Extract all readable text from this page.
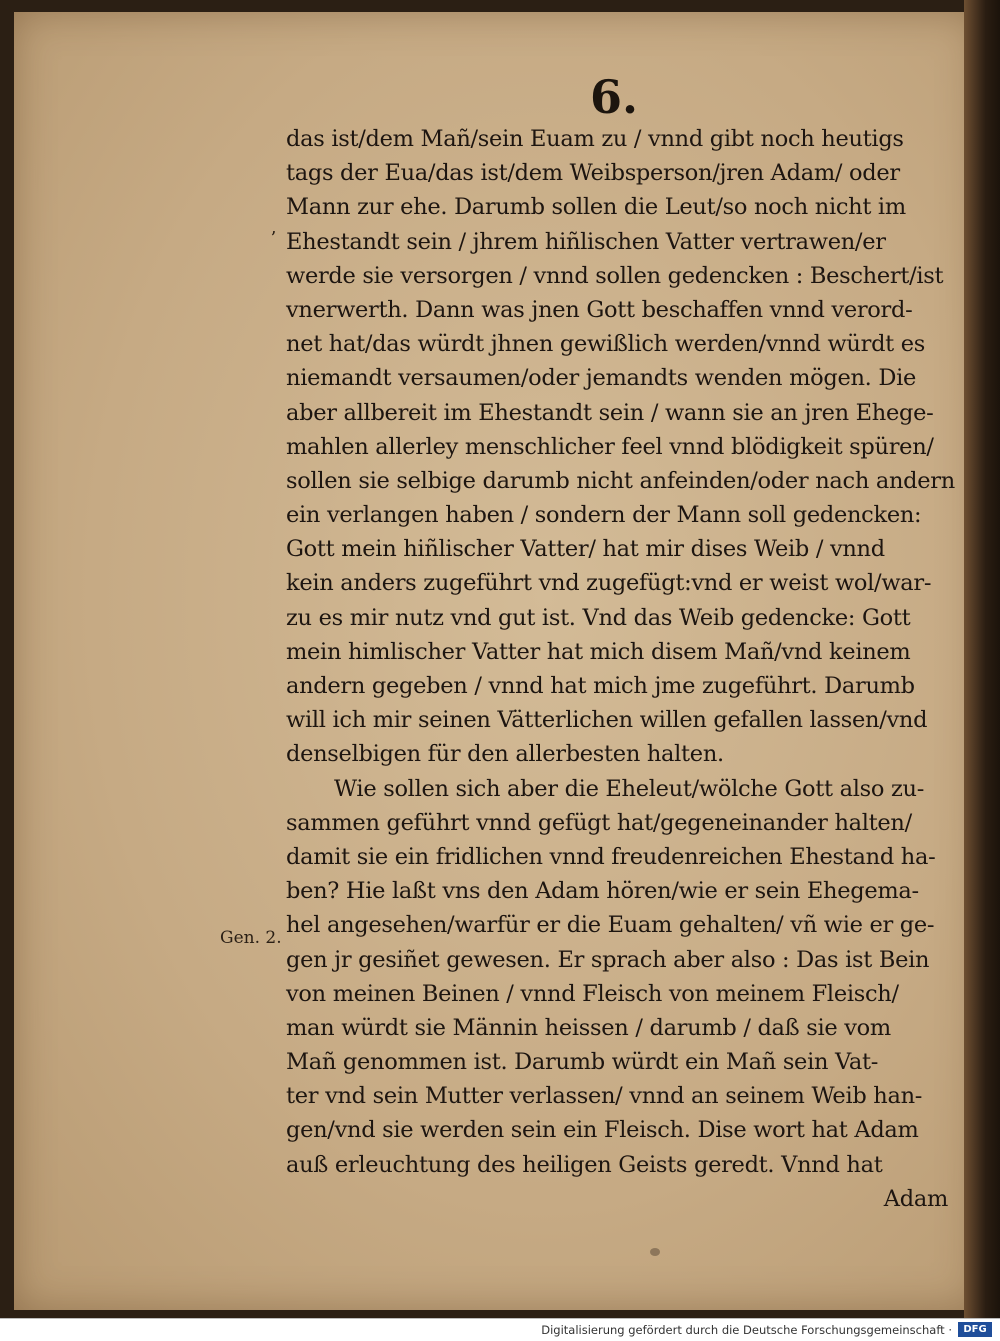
6.
ʼ
Gen. 2.
das ist/dem Mañ/sein Euam zu / vnnd gibt noch heutigs
tags der Eua/das ist/dem Weibsperson/jren Adam/ oder
Mann zur ehe. Darumb sollen die Leut/so noch nicht im
Ehestandt sein / jhrem hiñlischen Vatter vertrawen/er
werde sie versorgen / vnnd sollen gedencken : Beschert/ist
vnerwerth. Dann was jnen Gott beschaffen vnnd verord-
net hat/das würdt jhnen gewißlich werden/vnnd würdt es
niemandt versaumen/oder jemandts wenden mögen. Die
aber allbereit im Ehestandt sein / wann sie an jren Ehege-
mahlen allerley menschlicher feel vnnd blödigkeit spüren/
sollen sie selbige darumb nicht anfeinden/oder nach andern
ein verlangen haben / sondern der Mann soll gedencken:
Gott mein hiñlischer Vatter/ hat mir dises Weib / vnnd
kein anders zugeführt vnd zugefügt:vnd er weist wol/war-
zu es mir nutz vnd gut ist. Vnd das Weib gedencke: Gott
mein himlischer Vatter hat mich disem Mañ/vnd keinem
andern gegeben / vnnd hat mich jme zugeführt. Darumb
will ich mir seinen Vätterlichen willen gefallen lassen/vnd
denselbigen für den allerbesten halten.
Wie sollen sich aber die Eheleut/wölche Gott also zu-
sammen geführt vnnd gefügt hat/gegeneinander halten/
damit sie ein fridlichen vnnd freudenreichen Ehestand ha-
ben? Hie laßt vns den Adam hören/wie er sein Ehegema-
hel angesehen/warfür er die Euam gehalten/ vñ wie er ge-
gen jr gesiñet gewesen. Er sprach aber also : Das ist Bein
von meinen Beinen / vnnd Fleisch von meinem Fleisch/
man würdt sie Männin heissen / darumb / daß sie vom
Mañ genommen ist. Darumb würdt ein Mañ sein Vat-
ter vnd sein Mutter verlassen/ vnnd an seinem Weib han-
gen/vnd sie werden sein ein Fleisch. Dise wort hat Adam
auß erleuchtung des heiligen Geists geredt. Vnnd hat
Adam
Digitalisierung gefördert durch die Deutsche Forschungsgemeinschaft ·	DFG
